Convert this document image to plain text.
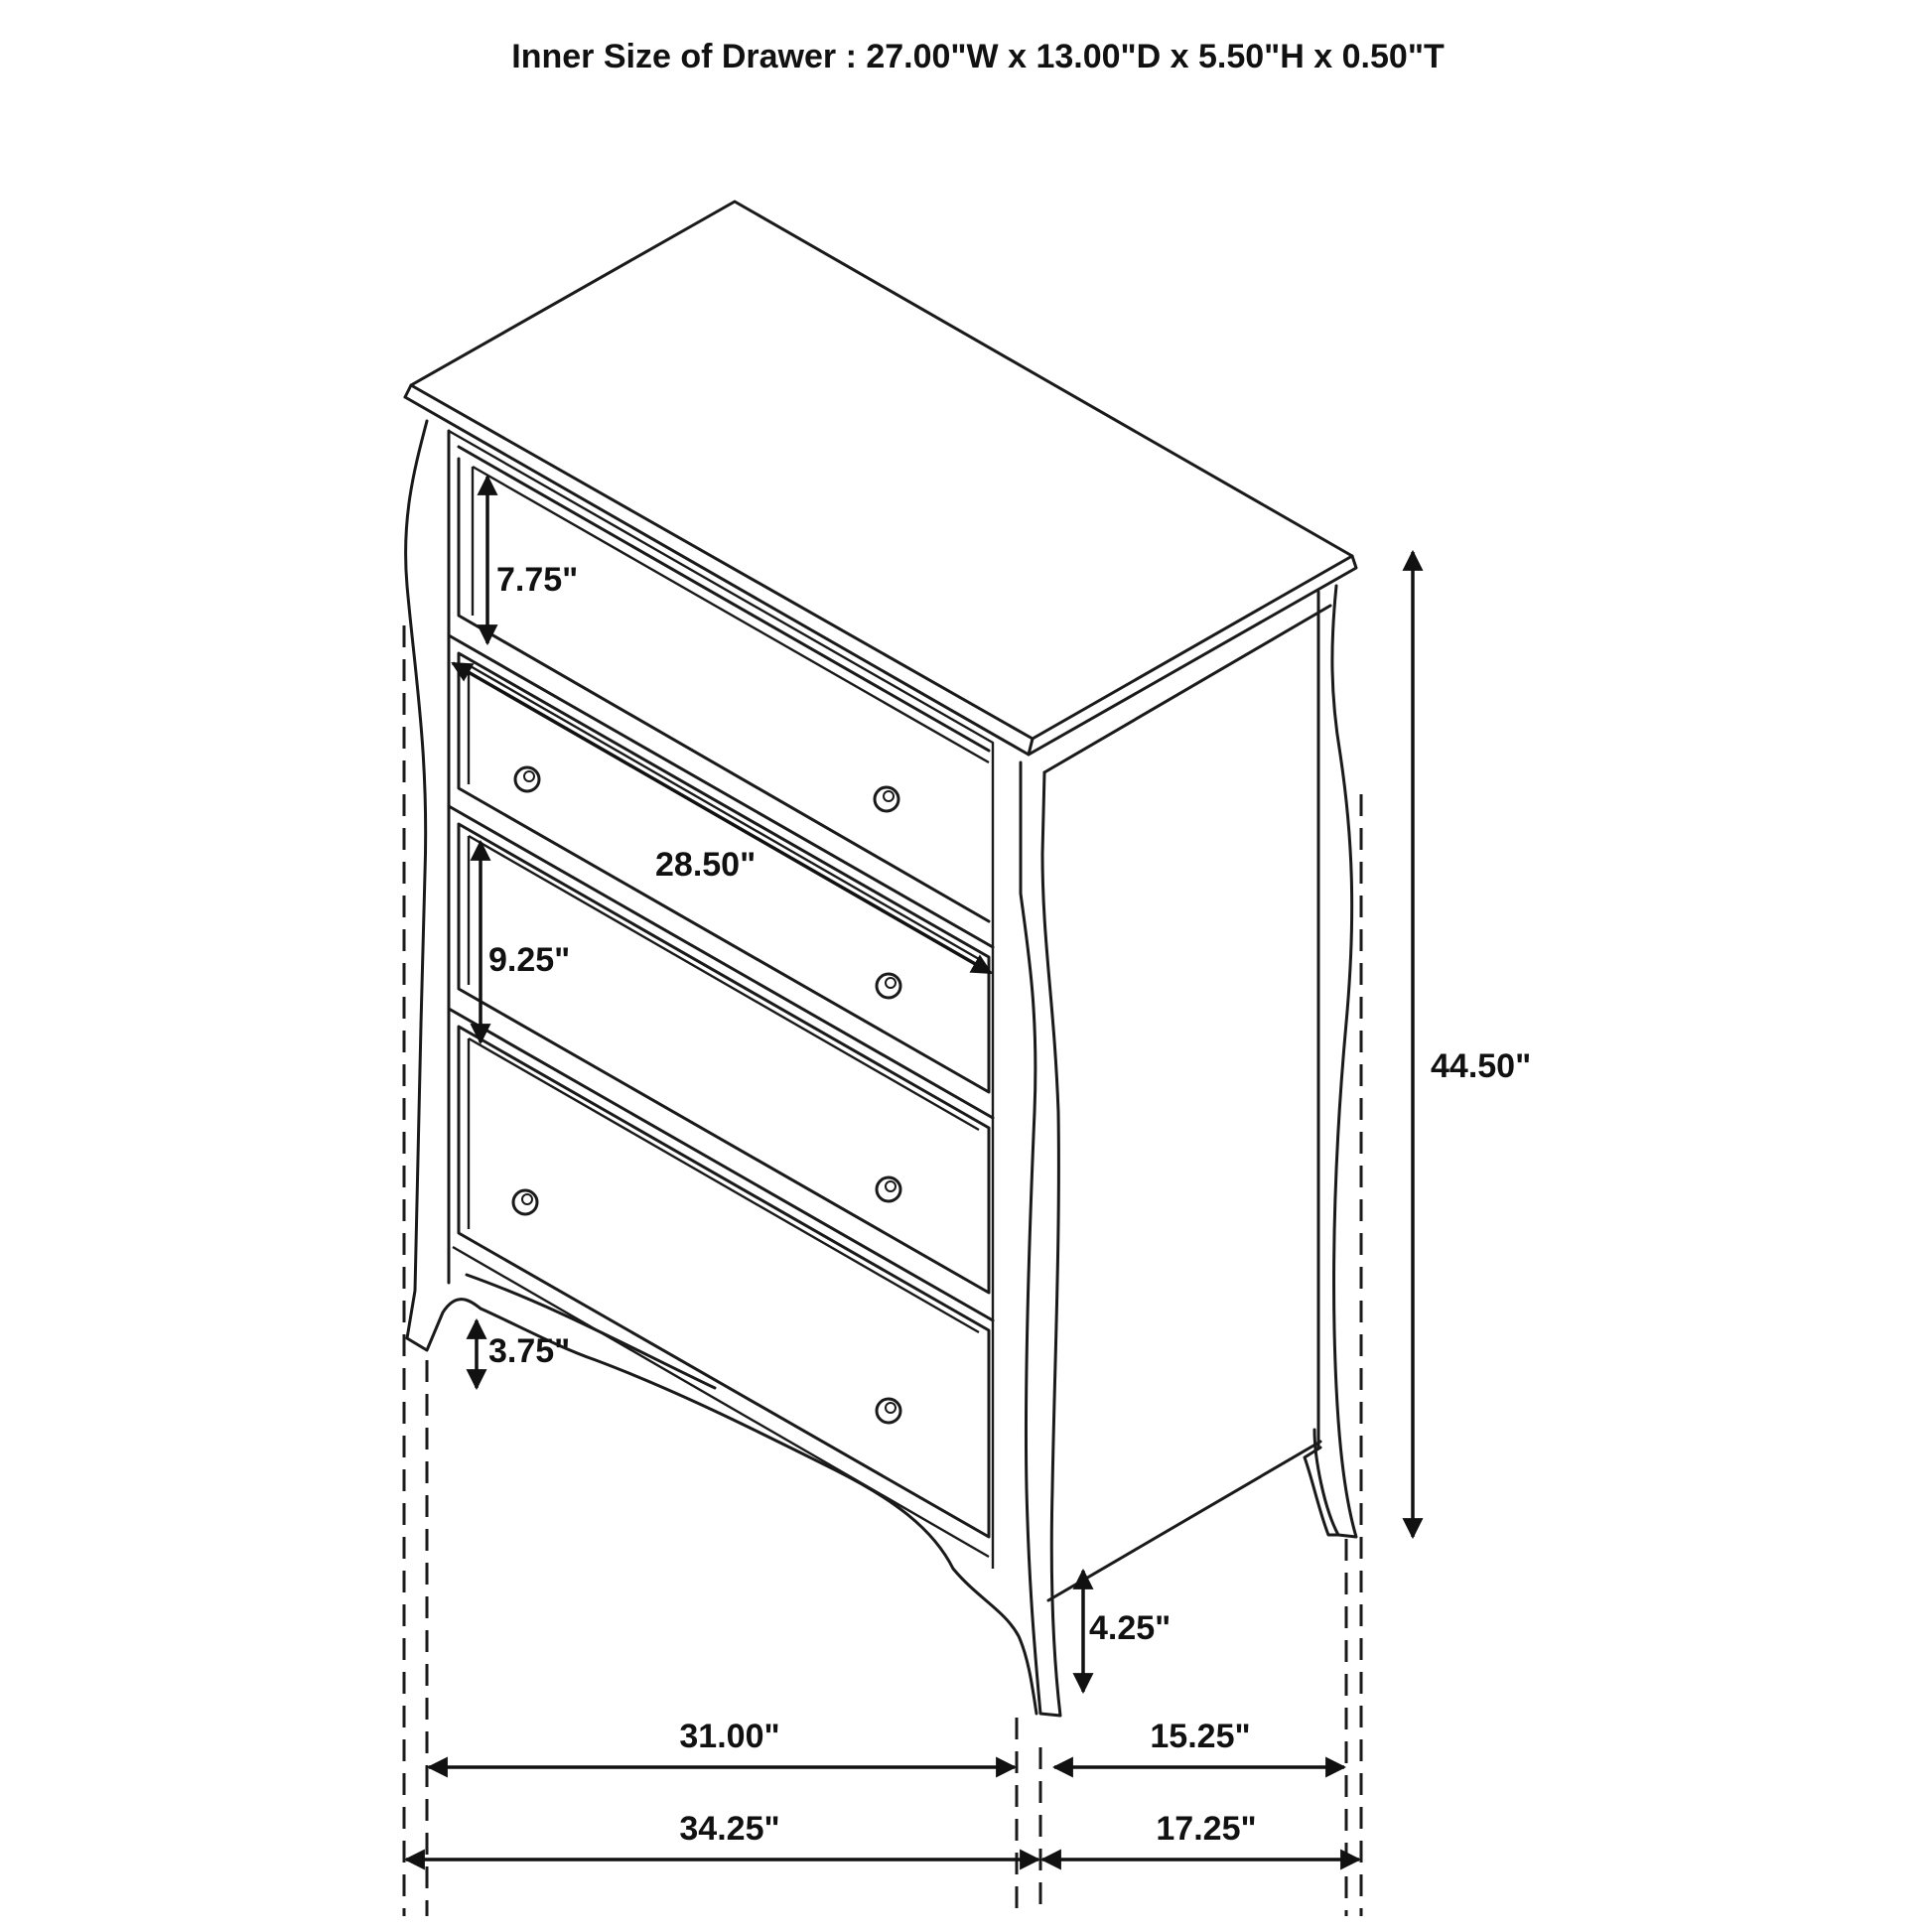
Inner Size of Drawer : 27.00"W x 13.00"D x 5.50"H x 0.50"T
7.75"
28.50"
9.25"
3.75"
44.50"
4.25"
31.00"	15.25"
34.25"	17.25"
